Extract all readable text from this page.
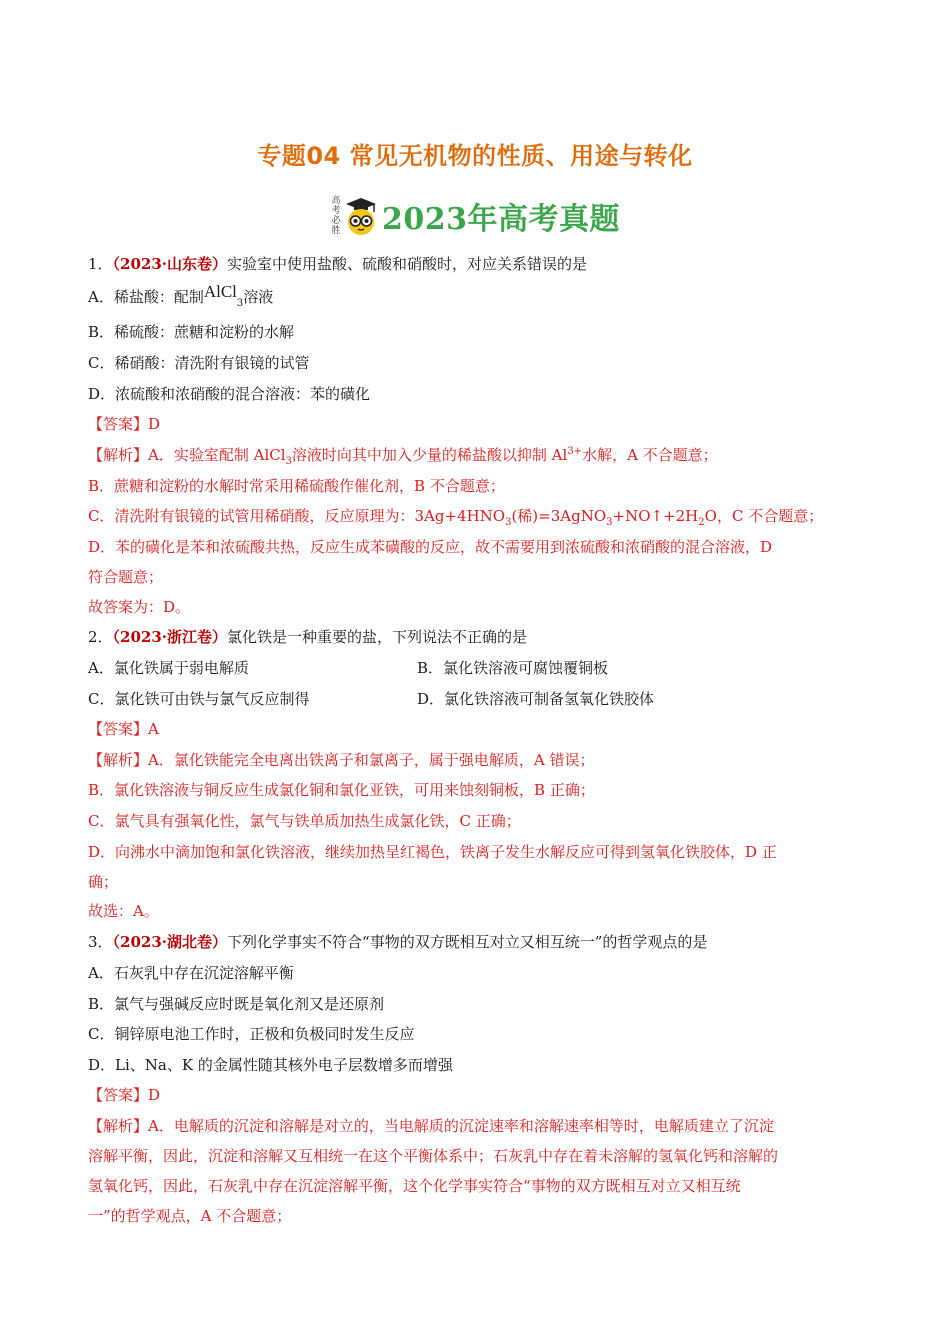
专题04 常见无机物的性质、用途与转化
高
考
必
胜 2023年高考真题
1．（2023·山东卷）实验室中使用盐酸、硫酸和硝酸时，对应关系错误的是
A．稀盐酸：配制AlCl$_3$溶液
B．稀硫酸：蔗糖和淀粉的水解
C．稀硝酸：清洗附有银镜的试管
D．浓硫酸和浓硝酸的混合溶液：苯的磺化
【答案】D
【解析】A．实验室配制 AlCl$_3$溶液时向其中加入少量的稀盐酸以抑制 $Al^{3+}$水解，A 不合题意；
B．蔗糖和淀粉的水解时常采用稀硫酸作催化剂，B 不合题意；
C．清洗附有银镜的试管用稀硝酸，反应原理为：$3Ag+4HNO_3$(稀)$=3AgNO_3+NO↑+2H_2O$，C 不合题意；
D．苯的磺化是苯和浓硫酸共热，反应生成苯磺酸的反应，故不需要用到浓硫酸和浓硝酸的混合溶液，D
符合题意；
故答案为：D。
2．（2023·浙江卷）氯化铁是一种重要的盐，下列说法不正确的是
A．氯化铁属于弱电解质	B．氯化铁溶液可腐蚀覆铜板
C．氯化铁可由铁与氯气反应制得	D．氯化铁溶液可制备氢氧化铁胶体
【答案】A
【解析】A．氯化铁能完全电离出铁离子和氯离子，属于强电解质，A 错误；
B．氯化铁溶液与铜反应生成氯化铜和氯化亚铁，可用来蚀刻铜板，B 正确；
C．氯气具有强氧化性，氯气与铁单质加热生成氯化铁，C 正确；
D．向沸水中滴加饱和氯化铁溶液，继续加热呈红褐色，铁离子发生水解反应可得到氢氧化铁胶体，D 正
确；
故选：A。
3．（2023·湖北卷）下列化学事实不符合“事物的双方既相互对立又相互统一”的哲学观点的是
A．石灰乳中存在沉淀溶解平衡
B．氯气与强碱反应时既是氧化剂又是还原剂
C．铜锌原电池工作时，正极和负极同时发生反应
D．Li、Na、K 的金属性随其核外电子层数增多而增强
【答案】D
【解析】A．电解质的沉淀和溶解是对立的，当电解质的沉淀速率和溶解速率相等时，电解质建立了沉淀
溶解平衡，因此，沉淀和溶解又互相统一在这个平衡体系中；石灰乳中存在着未溶解的氢氧化钙和溶解的
氢氧化钙，因此，石灰乳中存在沉淀溶解平衡，这个化学事实符合“事物的双方既相互对立又相互统
一”的哲学观点，A 不合题意；
